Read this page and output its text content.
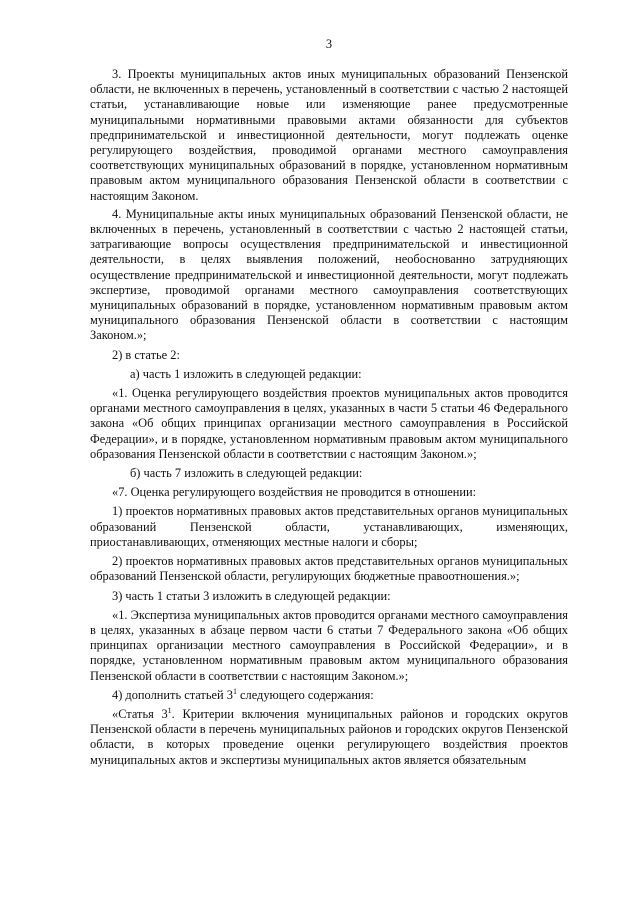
3

3. Проекты муниципальных актов иных муниципальных образований Пензенской области, не включенных в перечень, установленный в соответствии с частью 2 настоящей статьи, устанавливающие новые или изменяющие ранее предусмотренные муниципальными нормативными правовыми актами обязанности для субъектов предпринимательской и инвестиционной деятельности, могут подлежать оценке регулирующего воздействия, проводимой органами местного самоуправления соответствующих муниципальных образований в порядке, установленном нормативным правовым актом муниципального образования Пензенской области в соответствии с настоящим Законом.

4. Муниципальные акты иных муниципальных образований Пензенской области, не включенных в перечень, установленный в соответствии с частью 2 настоящей статьи, затрагивающие вопросы осуществления предпринимательской и инвестиционной деятельности, в целях выявления положений, необоснованно затрудняющих осуществление предпринимательской и инвестиционной деятельности, могут подлежать экспертизе, проводимой органами местного самоуправления соответствующих муниципальных образований в порядке, установленном нормативным правовым актом муниципального образования Пензенской области в соответствии с настоящим Законом.»;

2) в статье 2:

а) часть 1 изложить в следующей редакции:

«1. Оценка регулирующего воздействия проектов муниципальных актов проводится органами местного самоуправления в целях, указанных в части 5 статьи 46 Федерального закона «Об общих принципах организации местного самоуправления в Российской Федерации», и в порядке, установленном нормативным правовым актом муниципального образования Пензенской области в соответствии с настоящим Законом.»;

б) часть 7 изложить в следующей редакции:

«7. Оценка регулирующего воздействия не проводится в отношении:

1) проектов нормативных правовых актов представительных органов муниципальных образований Пензенской области, устанавливающих, изменяющих, приостанавливающих, отменяющих местные налоги и сборы;

2) проектов нормативных правовых актов представительных органов муниципальных образований Пензенской области, регулирующих бюджетные правоотношения.»;

3) часть 1 статьи 3 изложить в следующей редакции:

«1. Экспертиза муниципальных актов проводится органами местного самоуправления в целях, указанных в абзаце первом части 6 статьи 7 Федерального закона «Об общих принципах организации местного самоуправления в Российской Федерации», и в порядке, установленном нормативным правовым актом муниципального образования Пензенской области в соответствии с настоящим Законом.»;

4) дополнить статьей $3^1$ следующего содержания:

«Статья $3^1$. Критерии включения муниципальных районов и городских округов Пензенской области в перечень муниципальных районов и городских округов Пензенской области, в которых проведение оценки регулирующего воздействия проектов муниципальных актов и экспертизы муниципальных актов является обязательным
